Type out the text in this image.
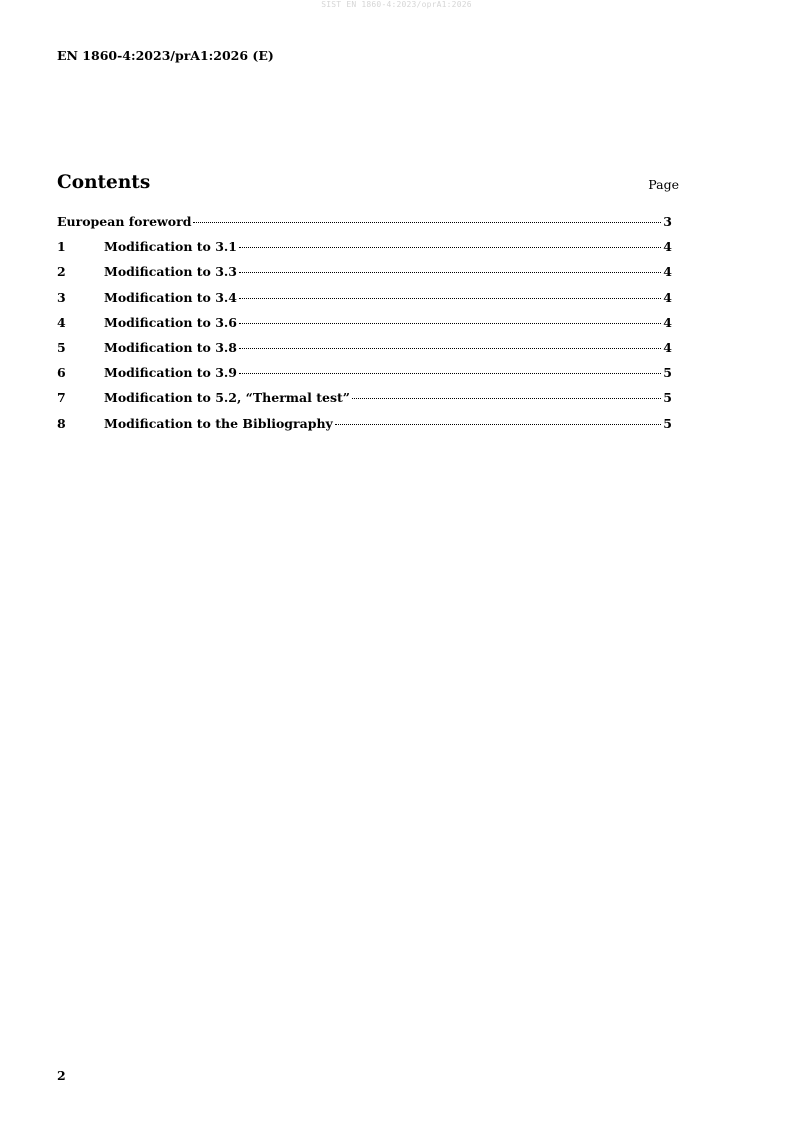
SIST EN 1860-4:2023/oprA1:2026
EN 1860-4:2023/prA1:2026 (E)
Contents	Page
European foreword	3
1	Modification to 3.1	4
2	Modification to 3.3	4
3	Modification to 3.4	4
4	Modification to 3.6	4
5	Modification to 3.8	4
6	Modification to 3.9	5
7	Modification to 5.2, “Thermal test”	5
8	Modification to the Bibliography	5
2
